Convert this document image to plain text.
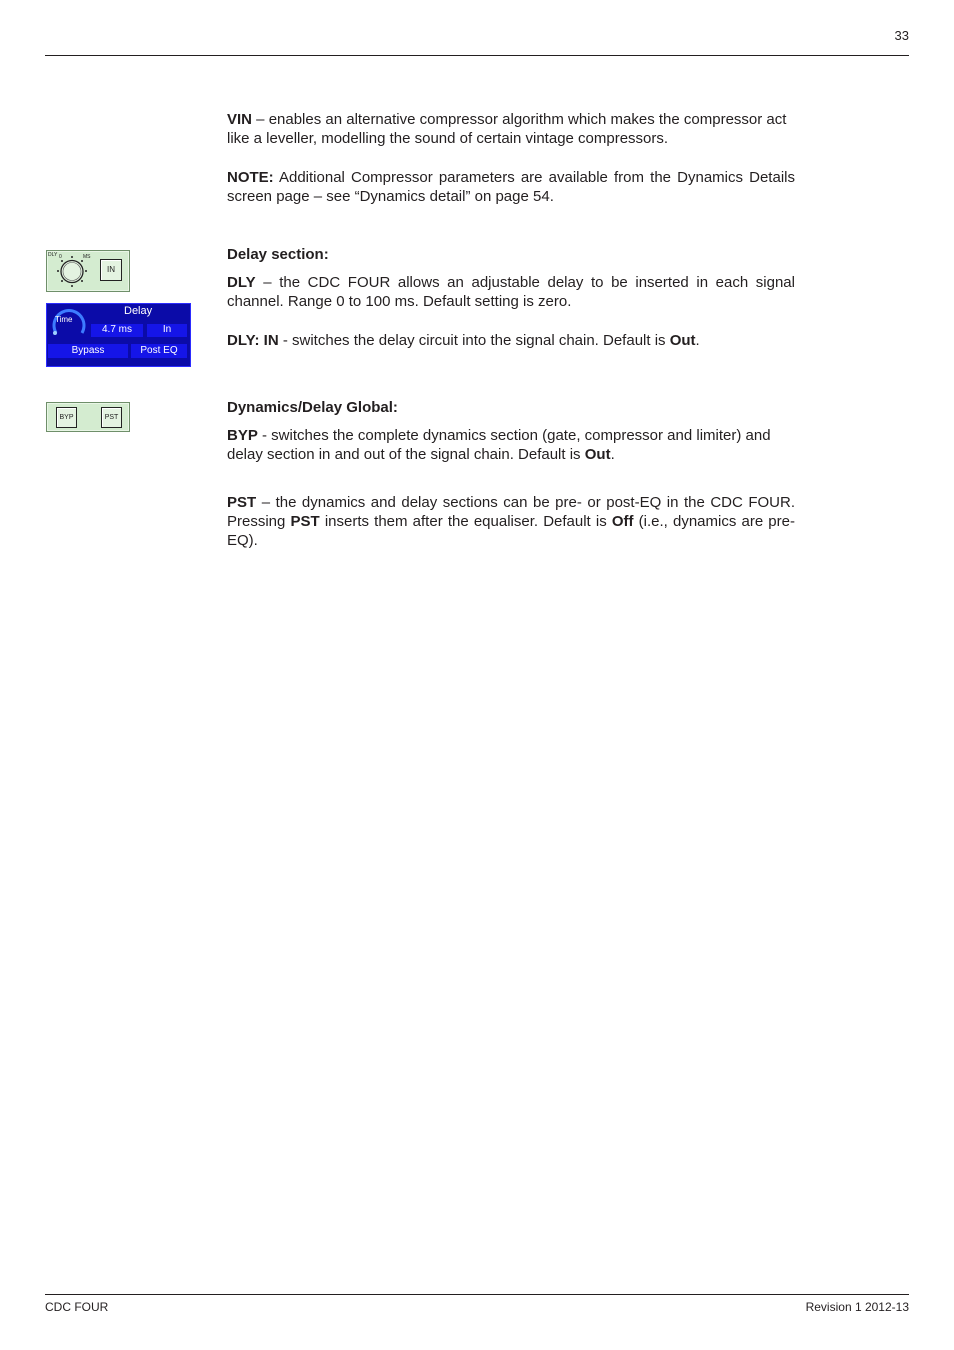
33

VIN – enables an alternative compressor algorithm which makes the compressor act like a leveller, modelling the sound of certain vintage compressors.

NOTE: Additional Compressor parameters are available from the Dynamics Details screen page – see “Dynamics detail” on page 54.

Delay section:

DLY – the CDC FOUR allows an adjustable delay to be inserted in each signal channel. Range 0 to 100 ms. Default setting is zero.

DLY: IN - switches the delay circuit into the signal chain. Default is Out.

Dynamics/Delay Global:

BYP - switches the complete dynamics section (gate, compressor and limiter) and delay section in and out of the signal chain. Default is Out.

PST – the dynamics and delay sections can be pre- or post-EQ in the CDC FOUR. Pressing PST inserts them after the equaliser. Default is Off (i.e., dynamics are pre-EQ).

DLY 0	MS
IN
Delay
Time
4.7 ms	In
Bypass	Post EQ
BYP	PST
CDC FOUR	Revision 1 2012-13
